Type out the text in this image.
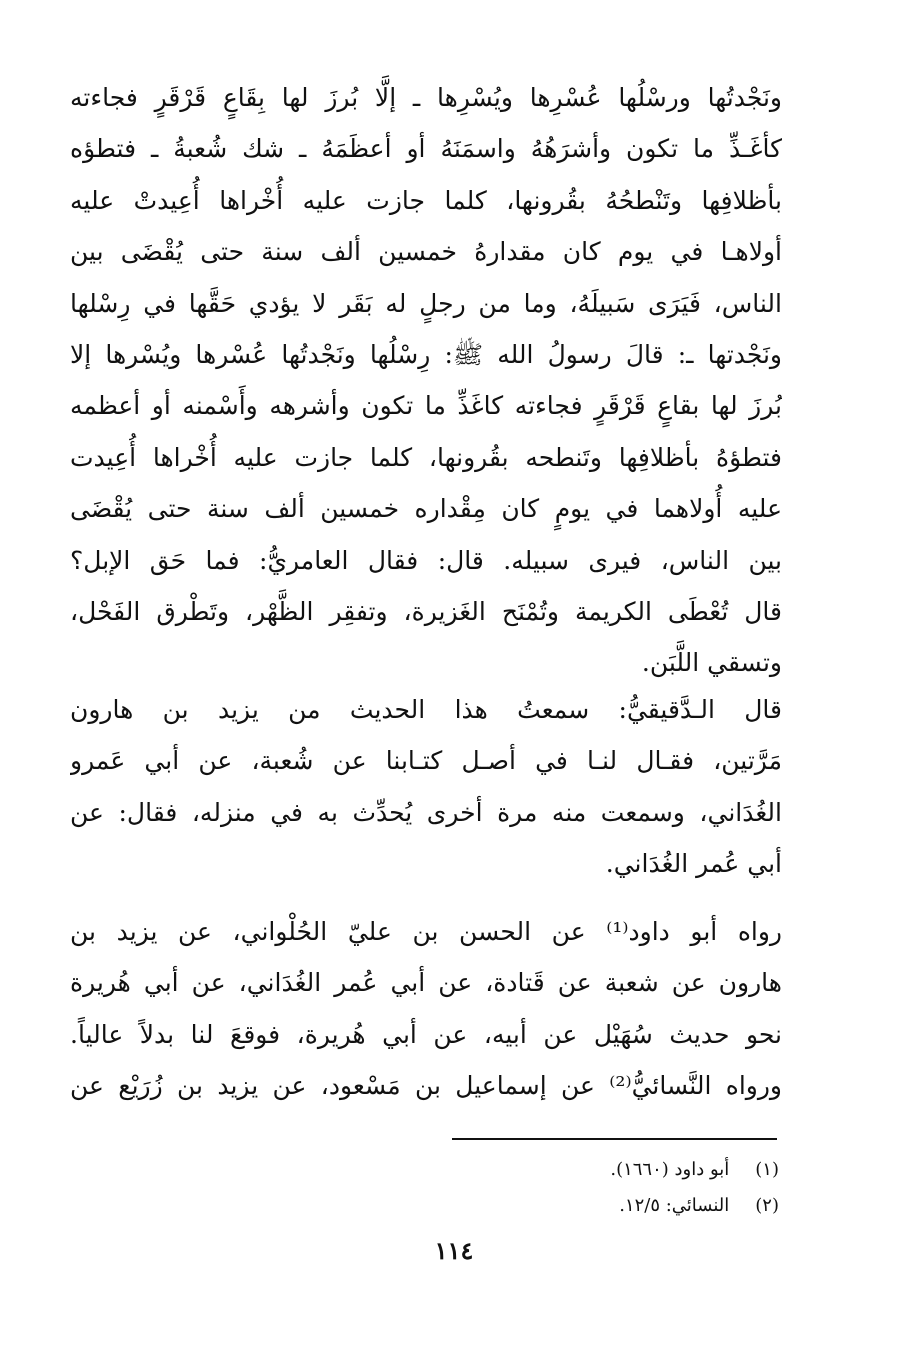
ونَجْدتُها ورسْلُها عُسْرِها ويُسْرِها ـ إلَّا بُرزَ لها بِقَاعٍ قَرْقَرٍ فجاءته
كأغَـذِّ ما تكون وأشرَهُهُ واسمَنَهُ أو أعظَمَهُ ـ شك شُعبةُ ـ فتطؤه
بأظلافِها وتَنْطحُهُ بقُرونها، كلما جازت عليه أُخْراها أُعِيدتْ عليه
أولاهـا في يوم كان مقدارهُ خمسين ألف سنة حتى يُقْضَى بين
الناس، فَيَرَى سَبيلَهُ، وما من رجلٍ له بَقَر لا يؤدي حَقَّها في رِسْلها
ونَجْدتها ـ: قالَ رسولُ الله ﷺ: رِسْلُها ونَجْدتُها عُسْرها ويُسْرها إلا
بُرزَ لها بقاعٍ قَرْقَرٍ فجاءته كاغَذِّ ما تكون وأشرهه وأَسْمنه أو أعظمه
فتطؤهُ بأظلافِها وتَنطحه بقُرونها، كلما جازت عليه أُخْراها أُعِيدت
عليه أُولاهما في يومٍ كان مِقْداره خمسين ألف سنة حتى يُقْضَى
بين الناس، فيرى سبيله. قال: فقال العامريُّ: فما حَق الإبل؟
قال تُعْطَى الكريمة وتُمْنَح الغَزيرة، وتفقِر الظَّهْر، وتَطْرق الفَحْل،
وتسقي اللَّبَن.
قال الـدَّقيقيُّ: سمعتُ هذا الحديث من يزيد بن هارون
مَرَّتين، فقـال لنـا في أصـل كتـابنا عن شُعبة، عن أبي عَمرو
الغُدَاني، وسمعت منه مرة أخرى يُحدِّث به في منزله، فقال: عن
أبي عُمر الغُدَاني.
رواه أبو داود⁽¹⁾ عن الحسن بن عليّ الحُلْواني، عن يزيد بن
هارون عن شعبة عن قَتادة، عن أبي عُمر الغُدَاني، عن أبي هُريرة
نحو حديث سُهَيْل عن أبيه، عن أبي هُريرة، فوقعَ لنا بدلاً عالياً.
ورواه النَّسائيُّ⁽²⁾ عن إسماعيل بن مَسْعود، عن يزيد بن زُرَيْع عن
(١) أبو داود (١٦٦٠).
(٢) النسائي: ١٢/٥.
١١٤
